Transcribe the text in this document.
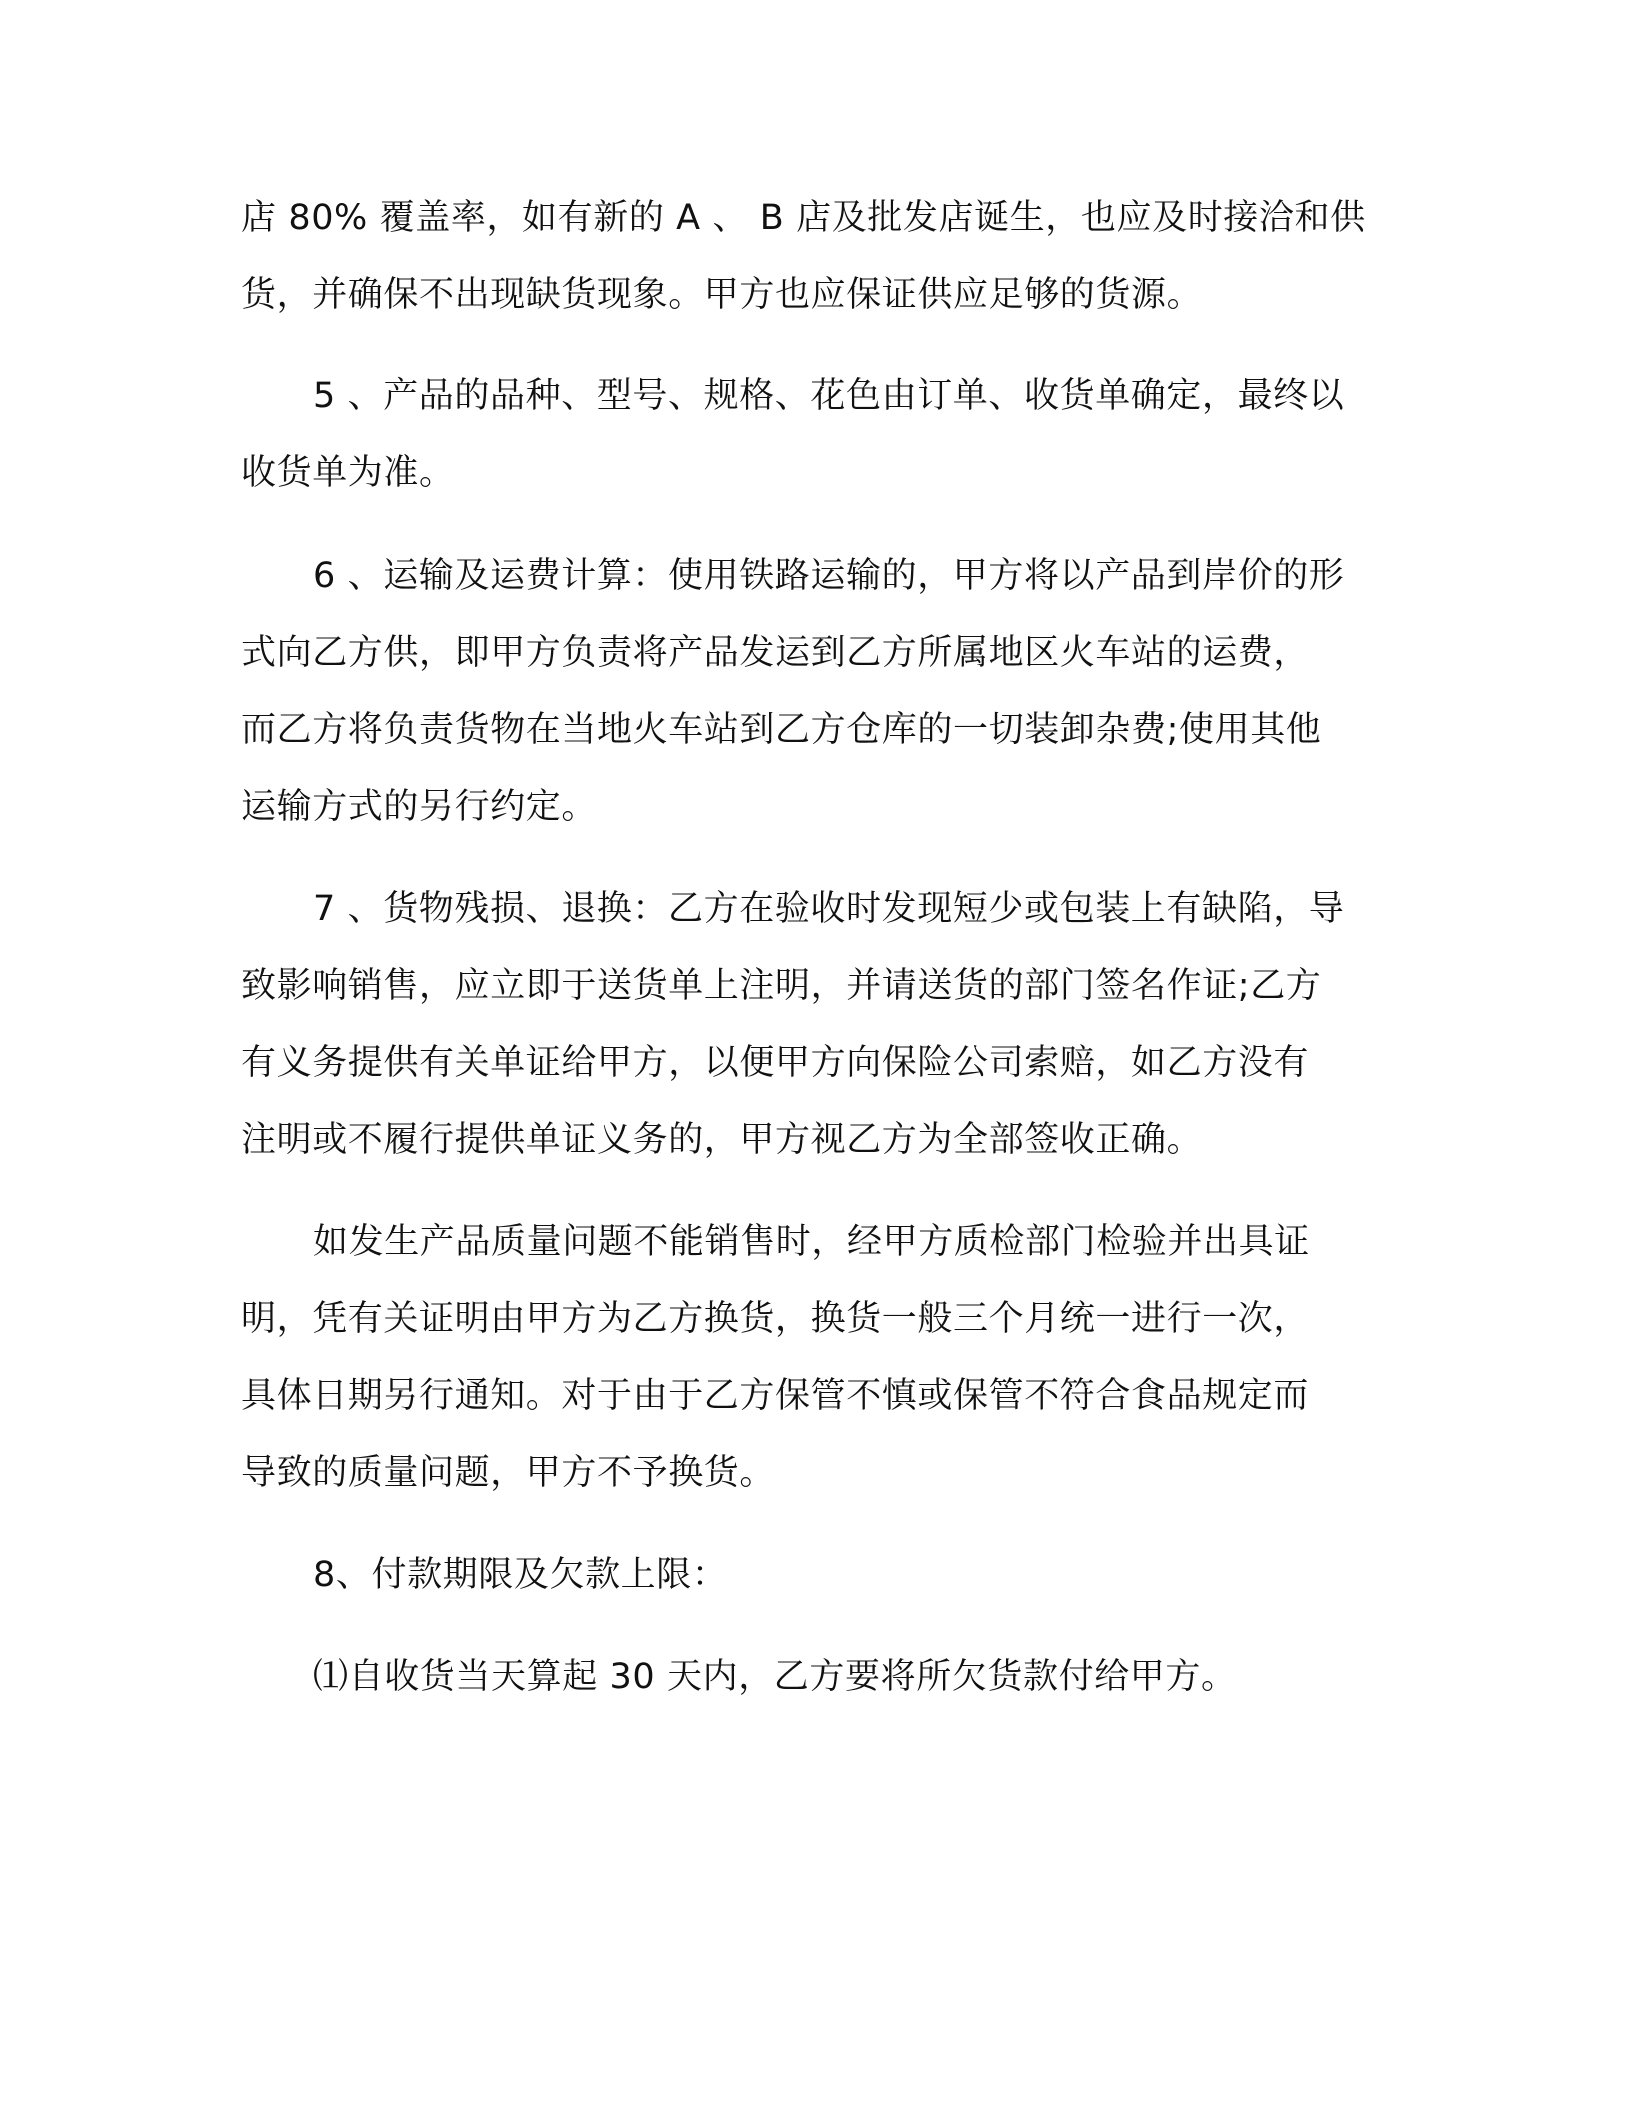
店 80% 覆盖率，如有新的 A 、 B 店及批发店诞生，也应及时接洽和供
货，并确保不出现缺货现象。甲方也应保证供应足够的货源。
5 、产品的品种、型号、规格、花色由订单、收货单确定，最终以
收货单为准。
6 、运输及运费计算：使用铁路运输的，甲方将以产品到岸价的形
式向乙方供，即甲方负责将产品发运到乙方所属地区火车站的运费，
而乙方将负责货物在当地火车站到乙方仓库的一切装卸杂费;使用其他
运输方式的另行约定。
7 、货物残损、退换：乙方在验收时发现短少或包装上有缺陷，导
致影响销售，应立即于送货单上注明，并请送货的部门签名作证;乙方
有义务提供有关单证给甲方，以便甲方向保险公司索赔，如乙方没有
注明或不履行提供单证义务的，甲方视乙方为全部签收正确。
如发生产品质量问题不能销售时，经甲方质检部门检验并出具证
明，凭有关证明由甲方为乙方换货，换货一般三个月统一进行一次，
具体日期另行通知。对于由于乙方保管不慎或保管不符合食品规定而
导致的质量问题，甲方不予换货。
8、付款期限及欠款上限：
⑴自收货当天算起 30 天内，乙方要将所欠货款付给甲方。
